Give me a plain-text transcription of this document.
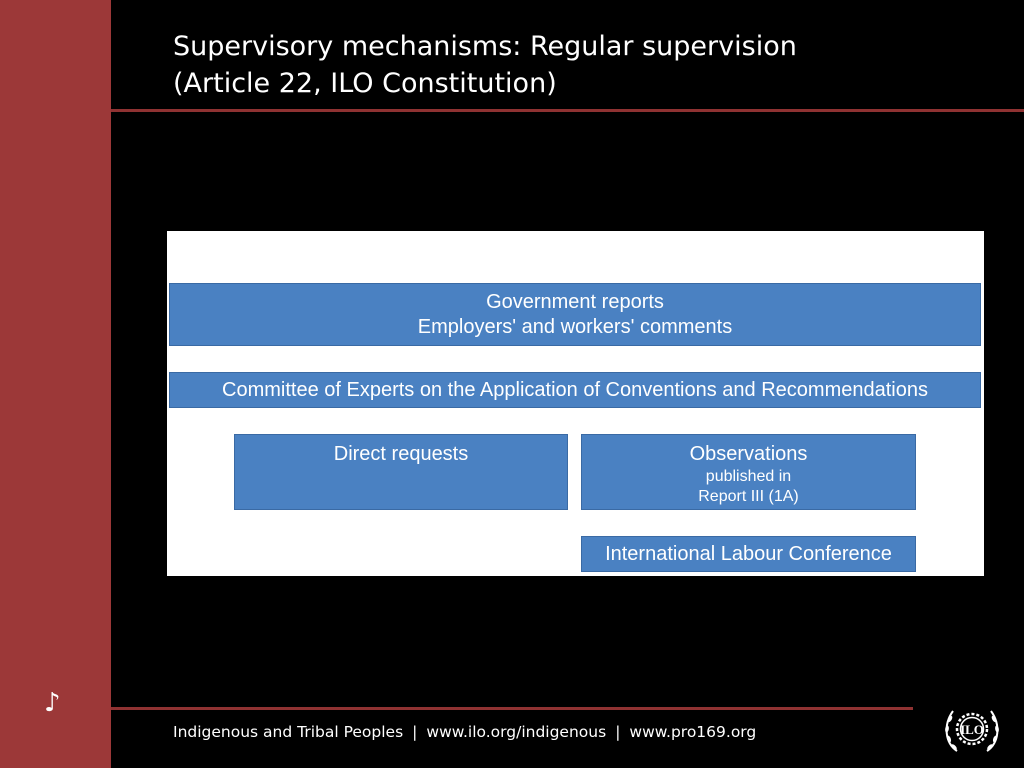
♪
Supervisory mechanisms: Regular supervision
(Article 22, ILO Constitution)
Government reports
Employers' and workers' comments
Committee of Experts on the Application of Conventions and Recommendations
Direct requests	Observations
published in
Report III (1A)
International Labour Conference
Indigenous and Tribal Peoples | www.ilo.org/indigenous | www.pro169.org	ILO
